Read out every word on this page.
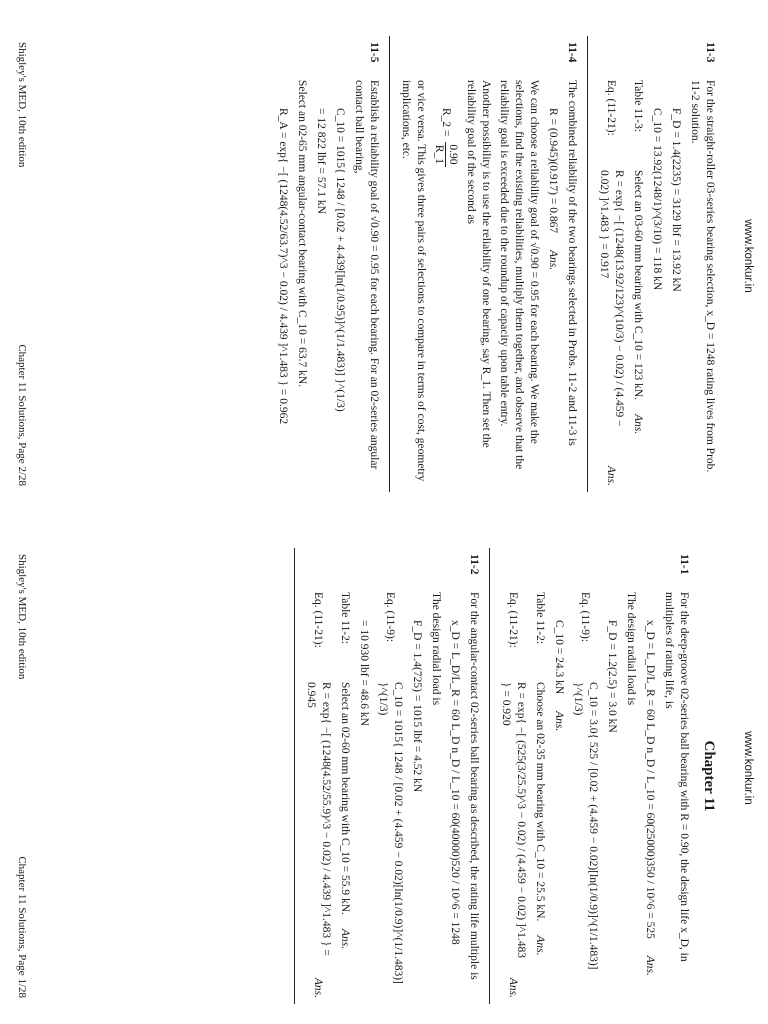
www.konkur.in
11-3

For the straight-roller 03-series bearing selection, x_D = 1248 rating lives from Prob. 11-2 solution.

F_D = 1.4(2235) = 3129 lbf = 13.92 kN
C_10 = 13.92(1248/1)^(3/10) = 118 kN
Table 11-3:
Select an 03-60 mm bearing with C_10 = 123 kN.
Ans.
Eq. (11-21):
R = exp{ −[ (1248(13.92/123)^(10/3) − 0.02) / (4.459 − 0.02) ]^1.483 } = 0.917
Ans.
11-4

The combined reliability of the two bearings selected in Probs. 11-2 and 11-3 is

R = (0.945)(0.917) = 0.867 Ans.

We can choose a reliability goal of √0.90 = 0.95 for each bearing. We make the selections, find the existing reliabilities, multiply them together, and observe that the reliability goal is exceeded due to the roundup of capacity upon table entry.

Another possibility is to use the reliability of one bearing, say R_1. Then set the reliability goal of the second as

R_2 =
0.90
R_1

or vice versa. This gives three pairs of selections to compare in terms of cost, geometry implications, etc.

11-5

Establish a reliability goal of √0.90 = 0.95 for each bearing. For an 02-series angular contact ball bearing,

C_10 = 1015{ 1248 / [0.02 + 4.439[ln(1/0.95)]^(1/1.483)] }^(1/3)
= 12 822 lbf = 57.1 kN

Select an 02-65 mm angular-contact bearing with C_10 = 63.7 kN.

R_A = exp{ −[ (1248(4.52/63.7)^3 − 0.02) / 4.439 ]^1.483 } = 0.962
Shigley's MED, 10th edition
Chapter 11 Solutions, Page 2/28
www.konkur.in
Chapter 11
11-1

For the deep-groove 02-series ball bearing with R = 0.90, the design life x_D, in multiples of rating life, is

x_D = L_D/L_R = 60 L_D n_D / L_10 = 60(25000)350 / 10^6 = 525 Ans.

The design radial load is

F_D = 1.2(2.5) = 3.0 kN
Eq. (11-9):
C_10 = 3.0{ 525 / [0.02 + (4.459 − 0.02)[ln(1/0.9)]^(1/1.483)] }^(1/3)
C_10 = 24.3 kN Ans.
Table 11-2:
Choose an 02-35 mm bearing with C_10 = 25.5 kN.
Ans.
Eq. (11-21):
R = exp{ −[ (525(3/25.5)^3 − 0.02) / (4.459 − 0.02) ]^1.483 } = 0.920
Ans.
11-2

For the angular-contact 02-series ball bearing as described, the rating life multiple is

x_D = L_D/L_R = 60 L_D n_D / L_10 = 60(40000)520 / 10^6 = 1248

The design radial load is

F_D = 1.4(725) = 1015 lbf = 4.52 kN
Eq. (11-9):
C_10 = 1015{ 1248 / [0.02 + (4.459 − 0.02)[ln(1/0.9)]^(1/1.483)] }^(1/3)
= 10 930 lbf = 48.6 kN
Table 11-2:
Select an 02-60 mm bearing with C_10 = 55.9 kN.
Ans.
Eq. (11-21):
R = exp{ −[ (1248(4.52/55.9)^3 − 0.02) / 4.439 ]^1.483 } = 0.945
Ans.
Shigley's MED, 10th edition
Chapter 11 Solutions, Page 1/28
